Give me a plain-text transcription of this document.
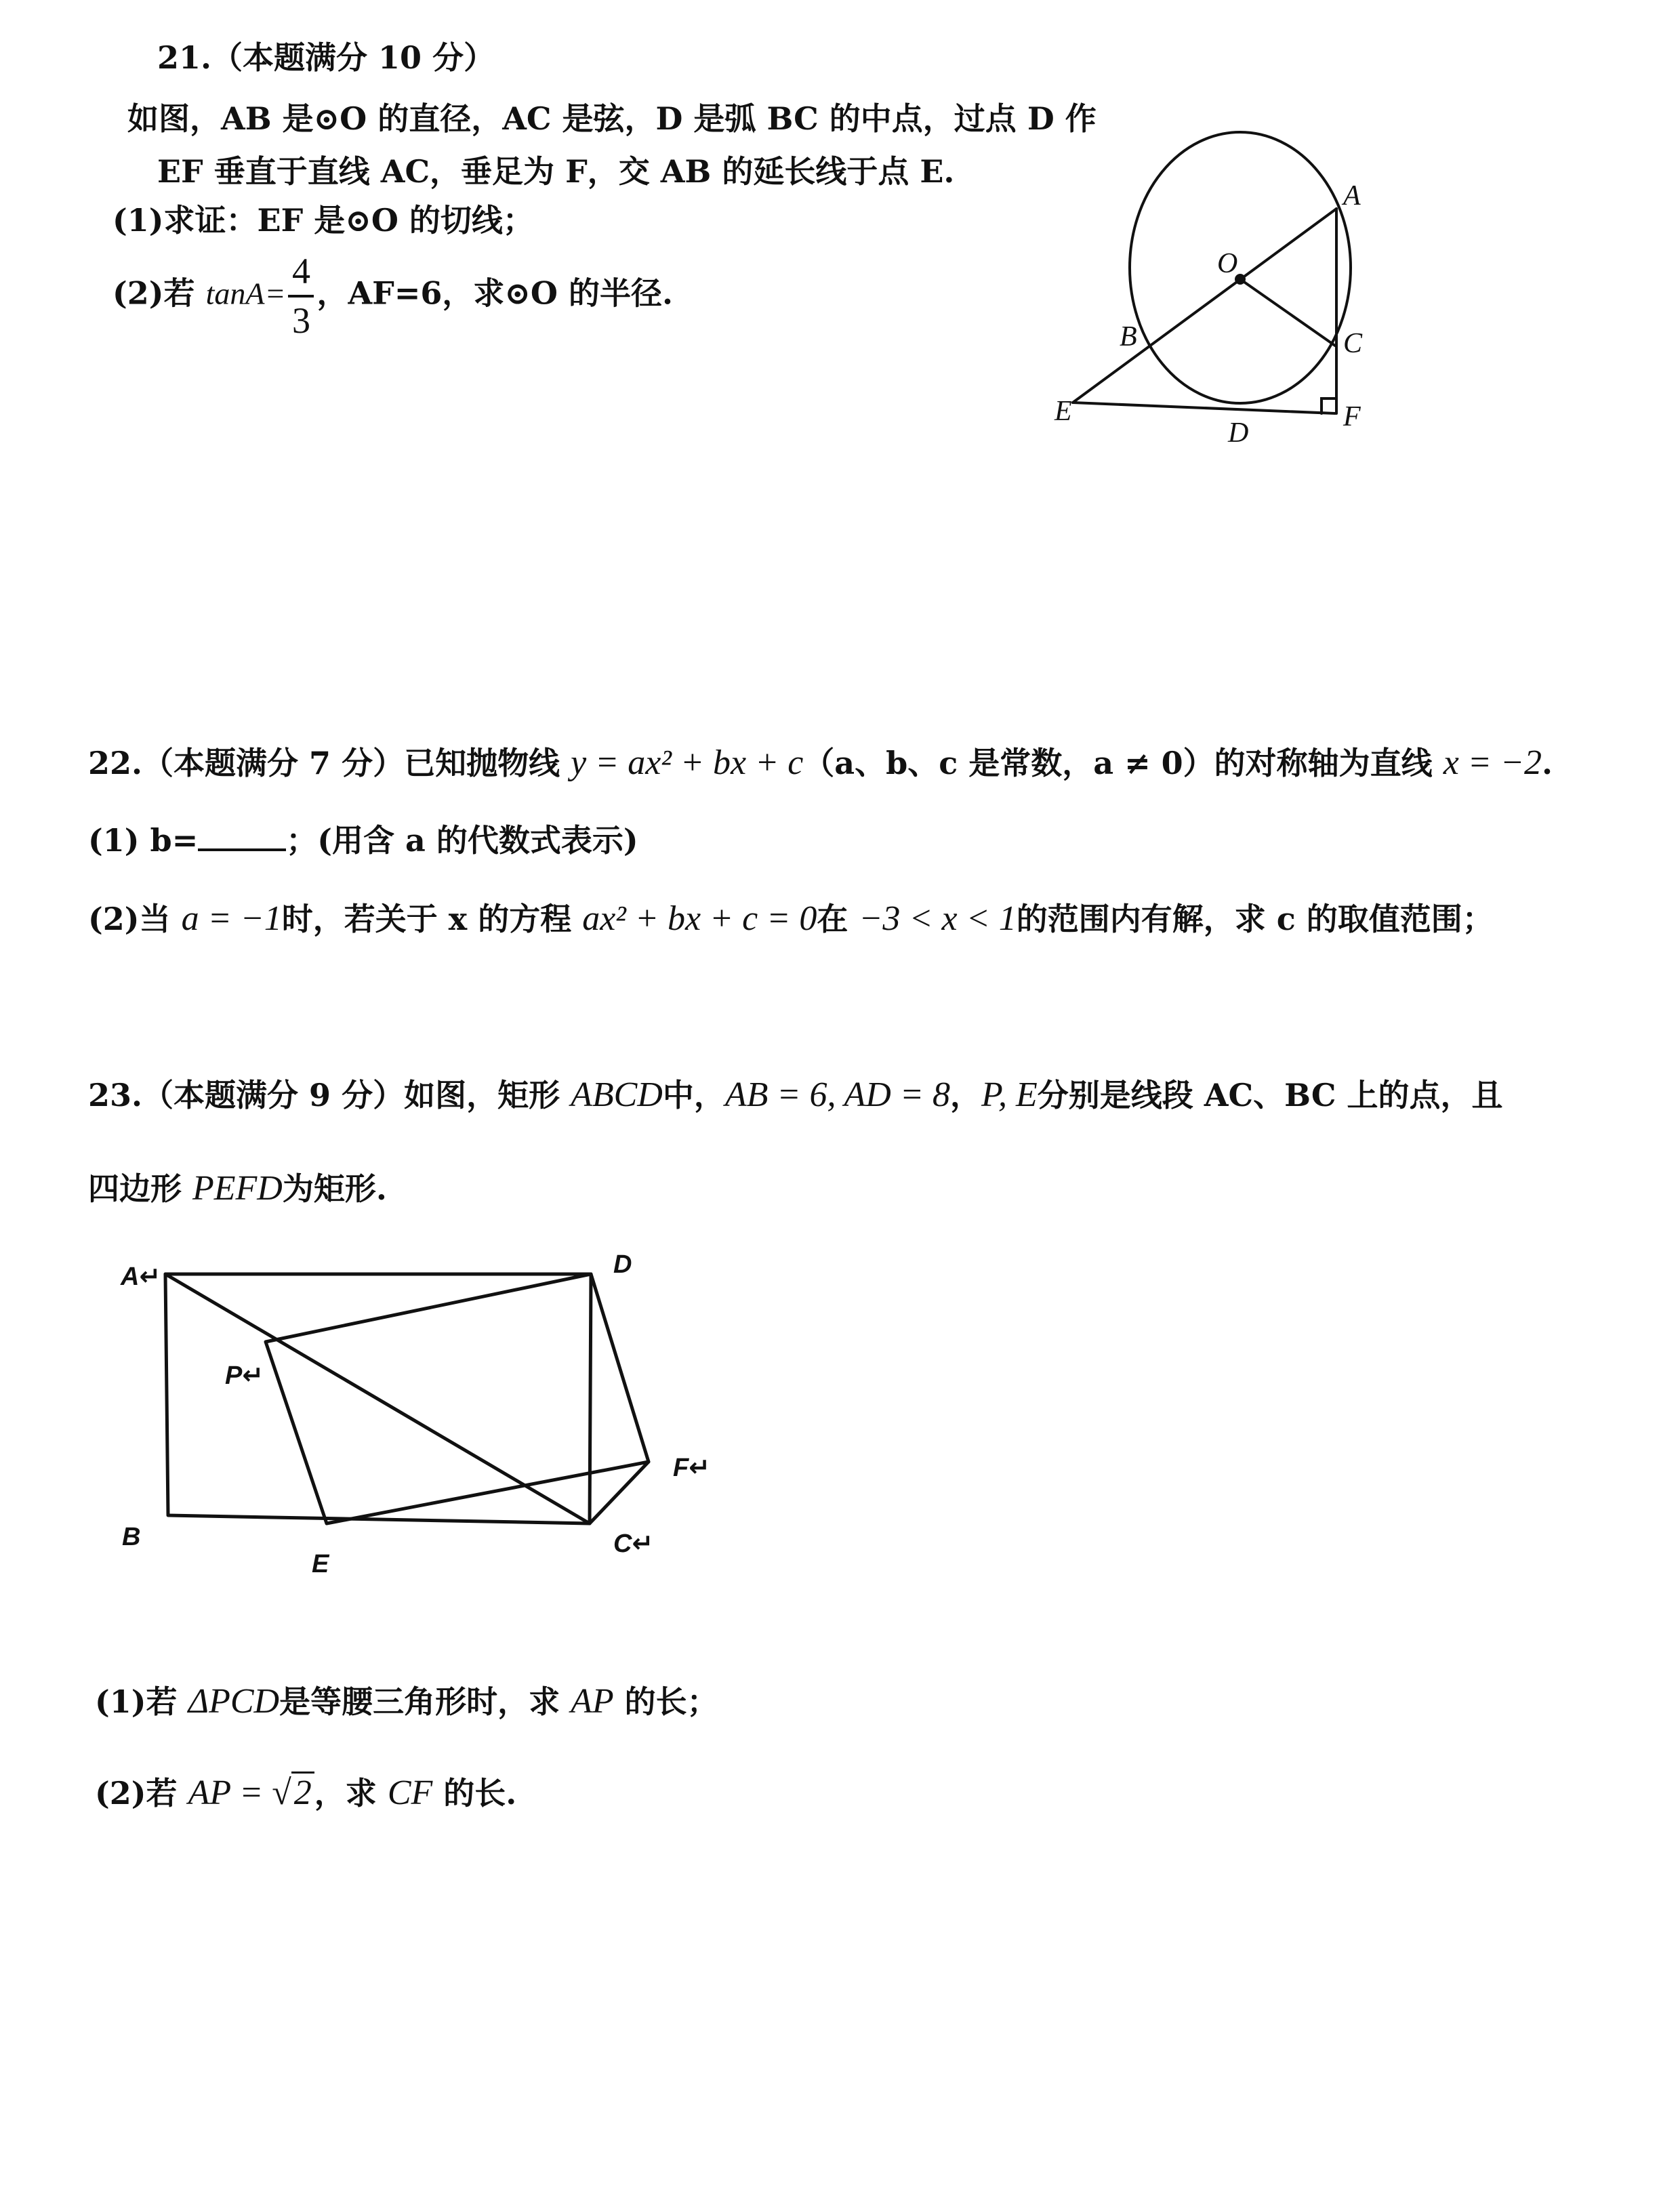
21.（本题满分 10 分）
如图，AB 是⊙O 的直径，AC 是弦，D 是弧 BC 的中点，过点 D 作
EF 垂直于直线 AC，垂足为 F，交 AB 的延长线于点 E.
(1)求证：EF 是⊙O 的切线；
(2)若 $\tan A= \frac{4}{3}$ ，AF=6，求⊙O 的半径.
A
O
B	C
E
D
F
22.（本题满分 7 分）已知抛物线 y = ax² + bx + c（a、b、c 是常数，a ≠ 0）的对称轴为直线 x = −2.
(1) b=	；(用含 a 的代数式表示)
(2)当 a = −1时，若关于 x 的方程 ax² + bx + c = 0在 −3 < x < 1的范围内有解，求 c 的取值范围；
23.（本题满分 9 分）如图，矩形 ABCD中，AB = 6, AD = 8，P, E分别是线段 AC、BC 上的点，且
四边形 PEFD为矩形.
A↵	D
P↵
F↵
B
E
C↵
(1)若 ΔPCD是等腰三角形时，求 AP 的长；
(2)若 AP = √2，求 CF 的长.
